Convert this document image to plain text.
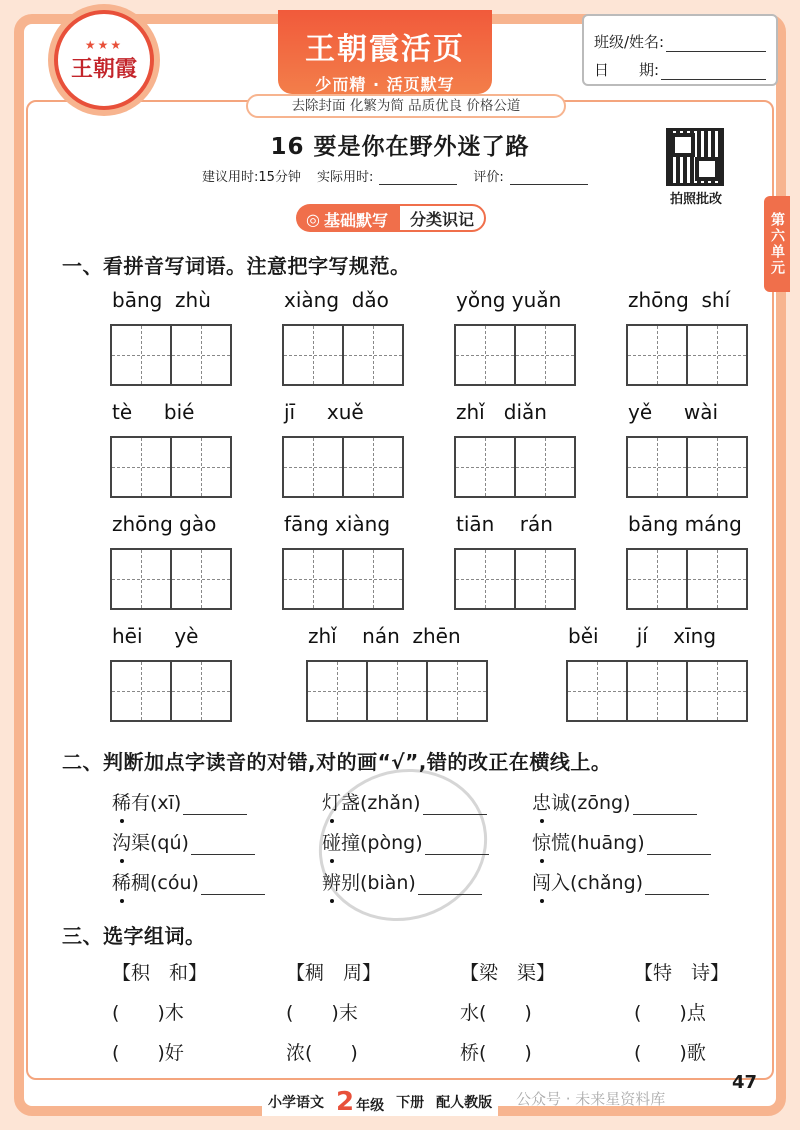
★★★
王朝霞
王朝霞活页
少而精 · 活页默写
去除封面 化繁为简 品质优良 价格公道
班级/姓名:
日　　期:
16 要是你在野外迷了路
建议用时:15分钟 实际用时:	评价:
拍照批改
第六单元
◎ 基础默写	分类识记
一、看拼音写词语。注意把字写规范。
bāng  zhù	xiàng  dǎo	yǒng yuǎn	zhōng  shí
tè     bié	jī     xuě	zhǐ   diǎn	yě     wài
zhōng gào	fāng xiàng	tiān    rán	bāng máng
hēi     yè	zhǐ    nán  zhēn	běi      jí    xīng
二、判断加点字读音的对错,对的画“√”,错的改正在横线上。
稀有(xī)	灯盏(zhǎn)	忠诚(zōng)
沟渠(qú)	碰撞(pòng)	惊慌(huāng)
稀稠(cóu)	辨别(biàn)	闯入(chǎng)
三、选字组词。
【积　和】	【稠　周】	【梁　渠】	【特　诗】
(　　)木	(　　)末	水(　　)	(　　)点
(　　)好	浓(　　)	桥(　　)	(　　)歌
小学语文 2 年级 下册 配人教版 公众号 · 未来星资料库
47
